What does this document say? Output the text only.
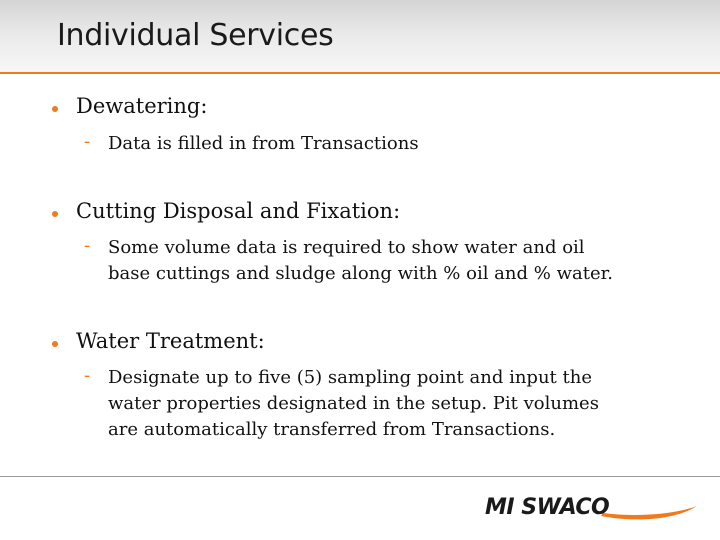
Individual Services
Dewatering:
- Data is filled in from Transactions
Cutting Disposal and Fixation:
- Some volume data is required to show water and oil
base cuttings and sludge along with % oil and % water.
Water Treatment:
- Designate up to five (5) sampling point and input the
water properties designated in the setup. Pit volumes
are automatically transferred from Transactions.
MI SWACO
